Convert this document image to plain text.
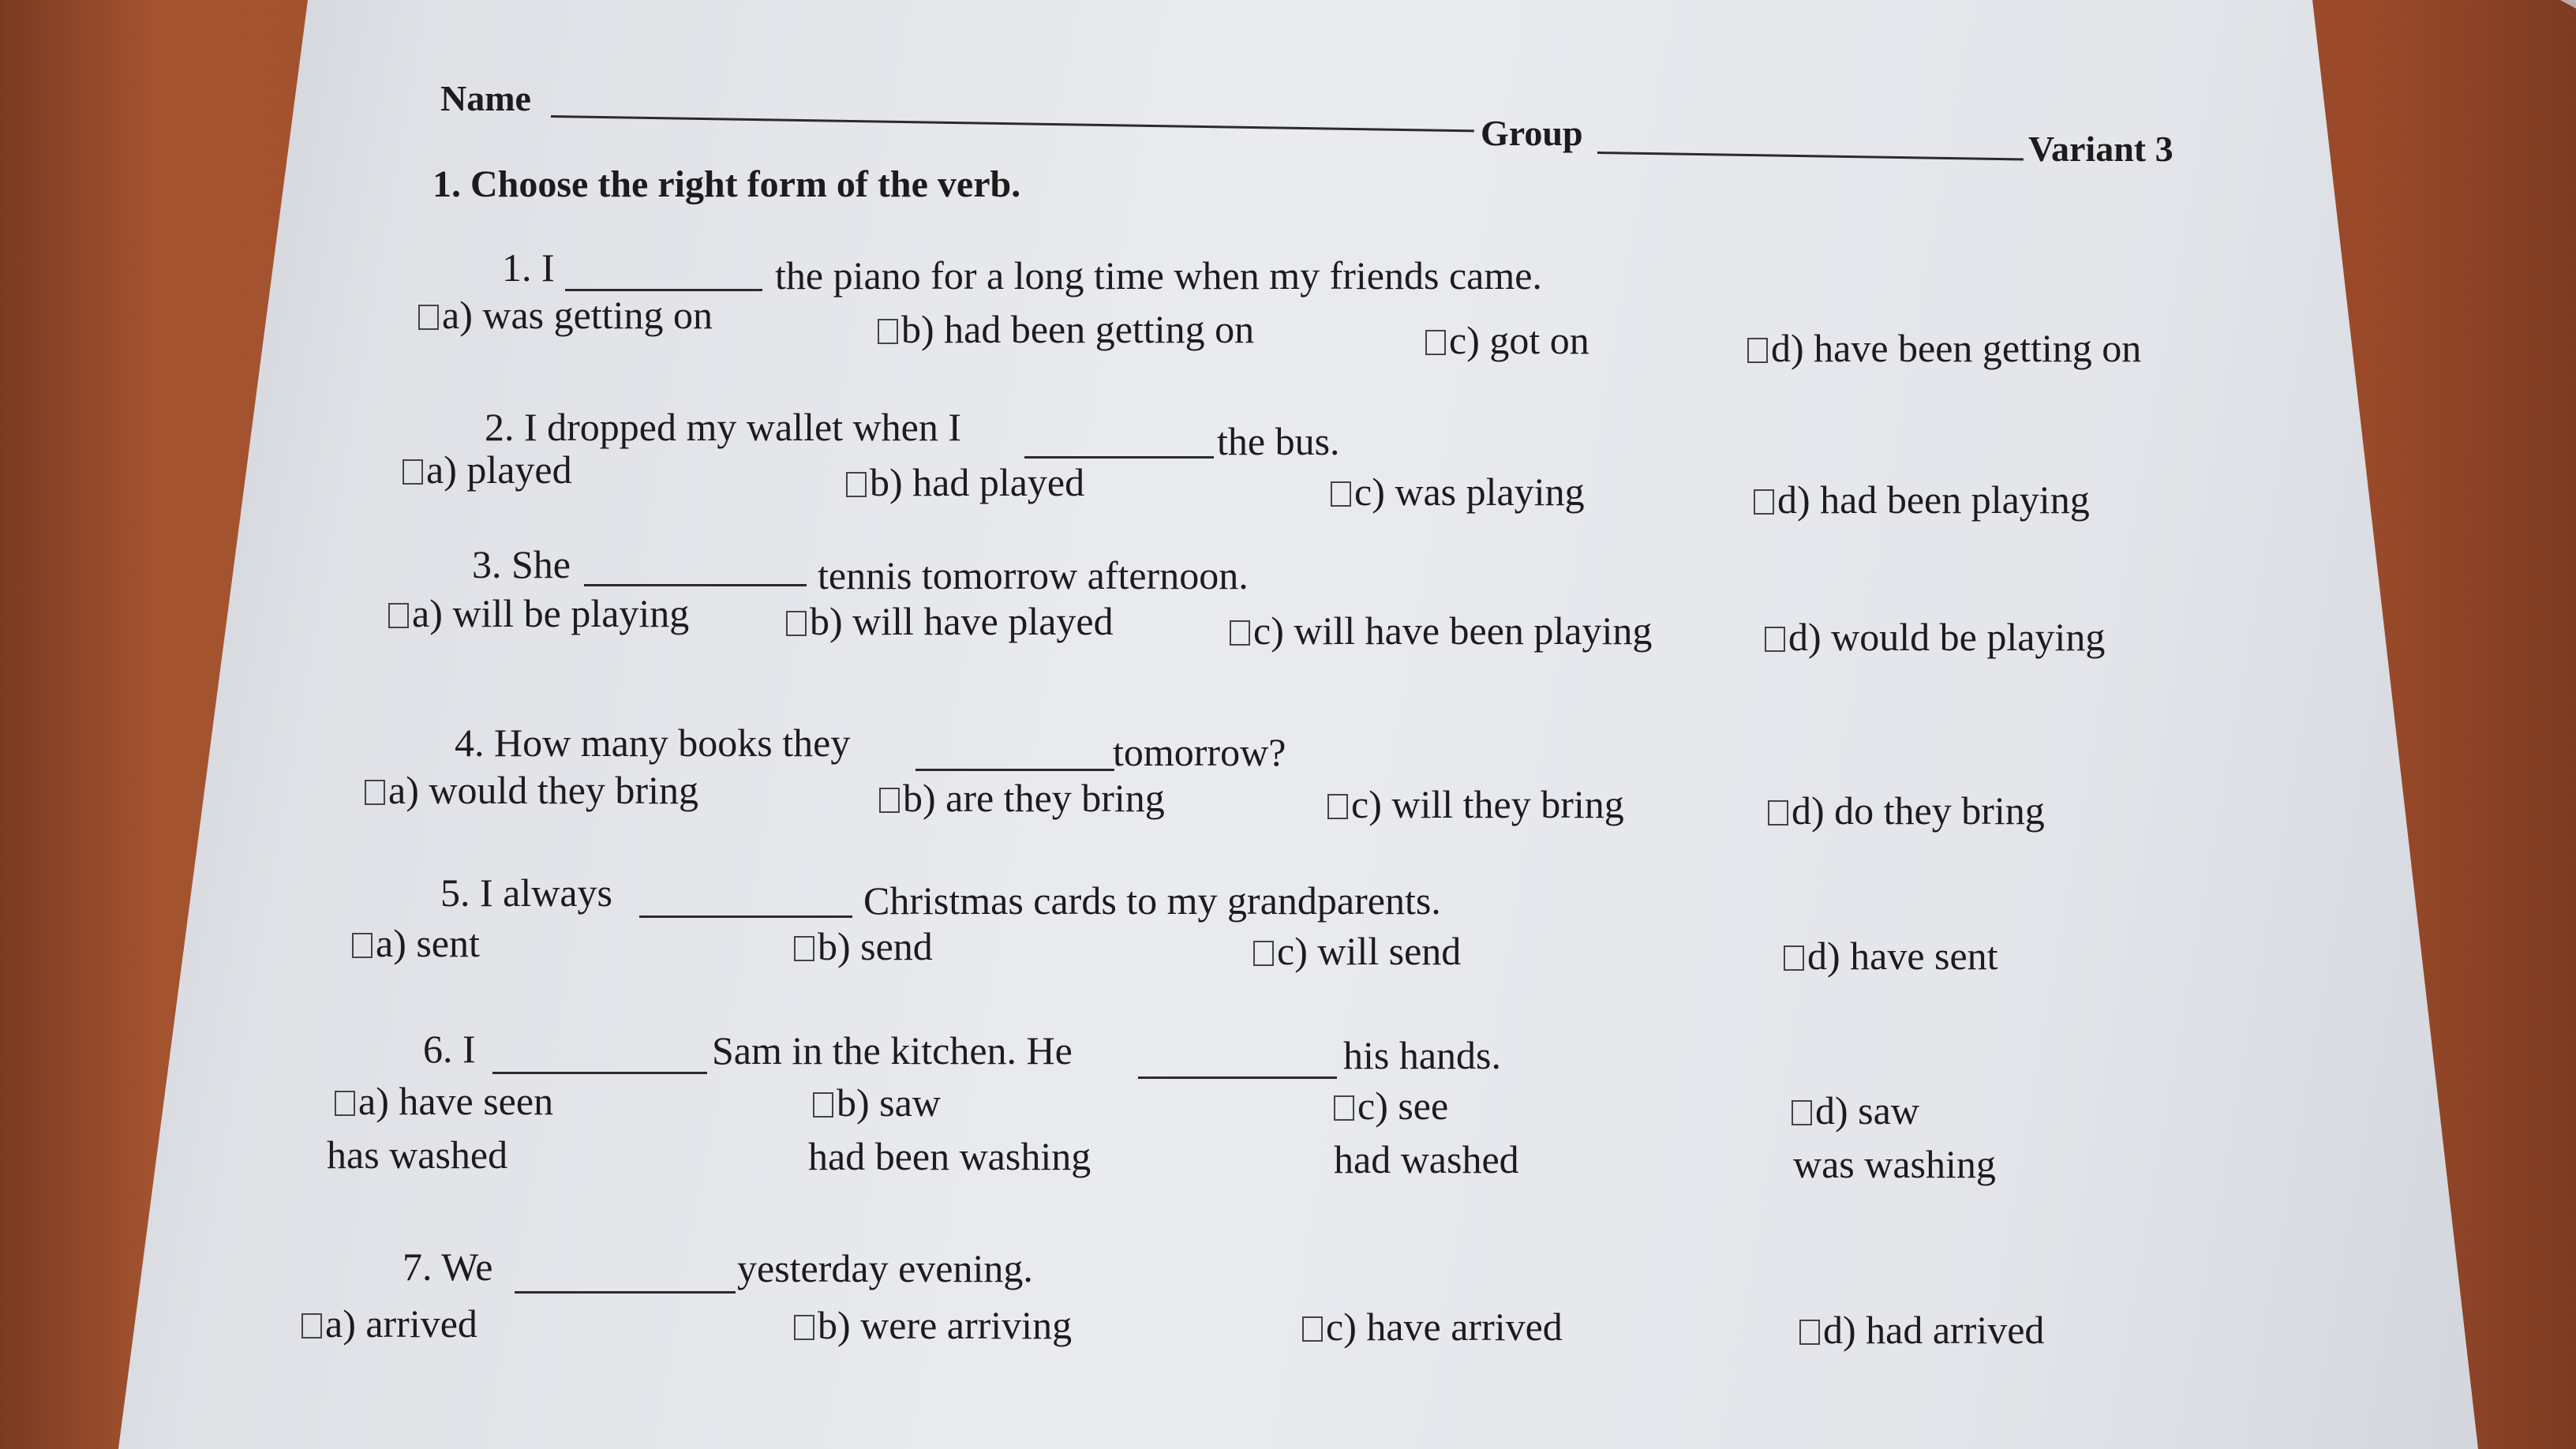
Name
Group	Variant 3
1. Choose the right form of the verb.
1. I	the piano for a long time when my friends came.
a) was getting on	b) had been getting on	c) got on	d) have been getting on
2. I dropped my wallet when I	the bus.
a) played	b) had played	c) was playing	d) had been playing
3. She	tennis tomorrow afternoon.
a) will be playing	b) will have played	c) will have been playing	d) would be playing
4. How many books they	tomorrow?
a) would they bring	b) are they bring	c) will they bring	d) do they bring
5. I always	Christmas cards to my grandparents.
a) sent	b) send	c) will send	d) have sent
6. I	Sam in the kitchen. He	his hands.
a) have seen
has washed
b) saw
had been washing
c) see
had washed
d) saw
was washing
7. We	yesterday evening.
a) arrived	b) were arriving	c) have arrived	d) had arrived
